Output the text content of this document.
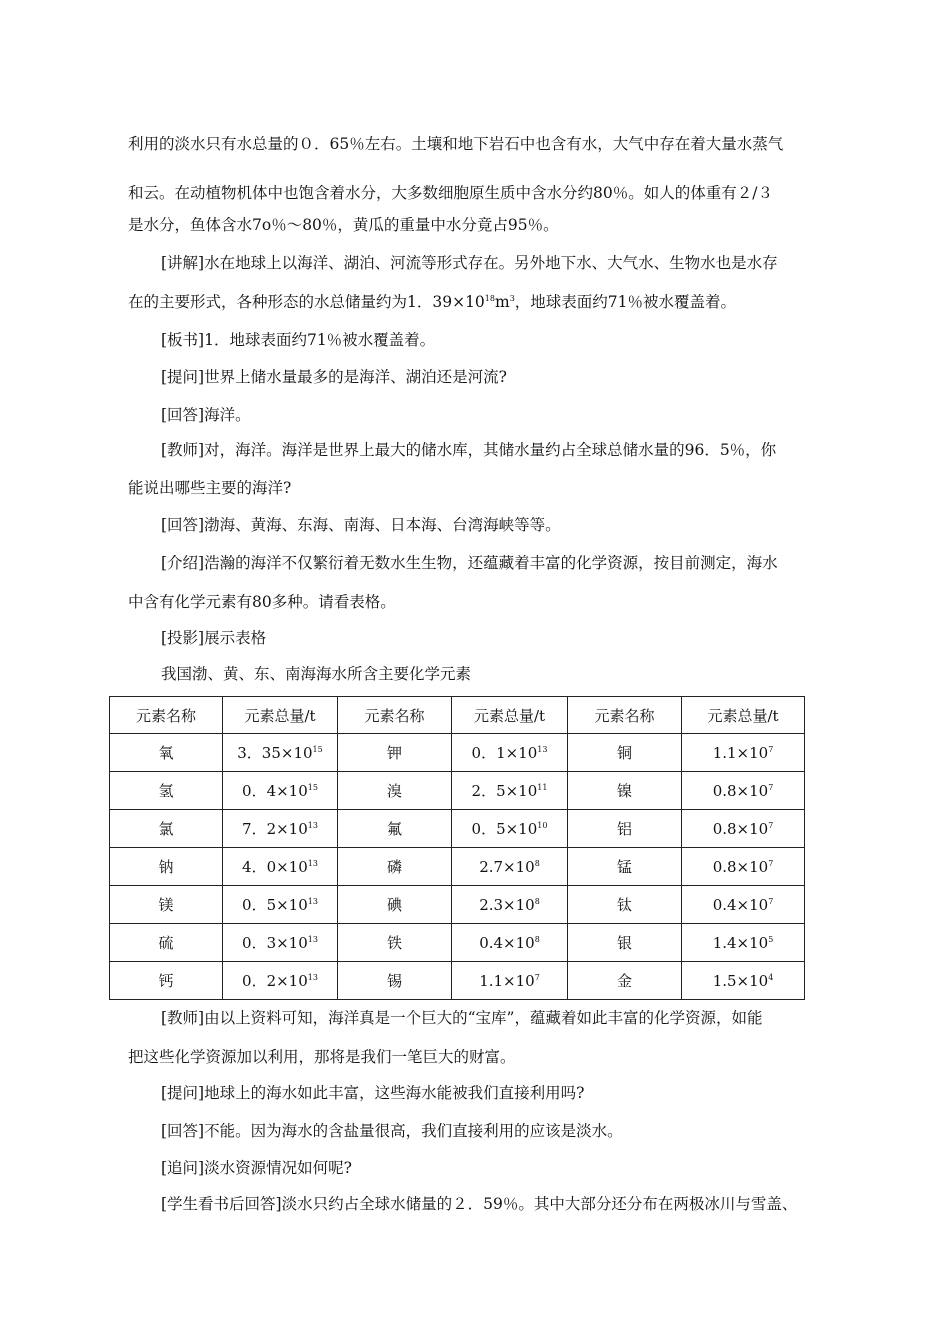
利用的淡水只有水总量的０．65％左右。土壤和地下岩石中也含有水，大气中存在着大量水蒸气
和云。在动植物机体中也饱含着水分，大多数细胞原生质中含水分约80％。如人的体重有２/３
是水分，鱼体含水7o％～80％，黄瓜的重量中水分竟占95％。
[讲解]水在地球上以海洋、湖泊、河流等形式存在。另外地下水、大气水、生物水也是水存
在的主要形式，各种形态的水总储量约为1．$39\times 10^{18}m^3$，地球表面约71％被水覆盖着。
[板书]1．地球表面约71％被水覆盖着。
[提问]世界上储水量最多的是海洋、湖泊还是河流?
[回答]海洋。
[教师]对，海洋。海洋是世界上最大的储水库，其储水量约占全球总储水量的96．5％，你
能说出哪些主要的海洋?
[回答]渤海、黄海、东海、南海、日本海、台湾海峡等等。
[介绍]浩瀚的海洋不仅繁衍着无数水生生物，还蕴藏着丰富的化学资源，按目前测定，海水
中含有化学元素有80多种。请看表格。
[投影]展示表格
我国渤、黄、东、南海海水所含主要化学元素
元素名称	元素总量/t	元素名称	元素总量/t	元素名称	元素总量/t
氧	3．$35\times 10^{15}$	钾	0．$1\times 10^{13}$	铜	$1.1\times 10^7$
氢	0．$4\times 10^{15}$	溴	2．$5\times 10^{11}$	镍	$0.8\times 10^7$
氯	7．$2\times 10^{13}$	氟	0．$5\times 10^{10}$	铝	$0.8\times 10^7$
钠	4．$0\times 10^{13}$	磷	$2.7\times 10^8$	锰	$0.8\times 10^7$
镁	0．$5\times 10^{13}$	碘	$2.3\times 10^8$	钛	$0.4\times 10^7$
硫	0．$3\times 10^{13}$	铁	$0.4\times 10^8$	银	$1.4\times 10^5$
钙	0．$2\times 10^{13}$	锡	$1.1\times 10^7$	金	$1.5\times 10^4$
[教师]由以上资料可知，海洋真是一个巨大的“宝库”，蕴藏着如此丰富的化学资源，如能
把这些化学资源加以利用，那将是我们一笔巨大的财富。
[提问]地球上的海水如此丰富，这些海水能被我们直接利用吗?
[回答]不能。因为海水的含盐量很高，我们直接利用的应该是淡水。
[追问]淡水资源情况如何呢?
[学生看书后回答]淡水只约占全球水储量的２．59％。其中大部分还分布在两极冰川与雪盖、
